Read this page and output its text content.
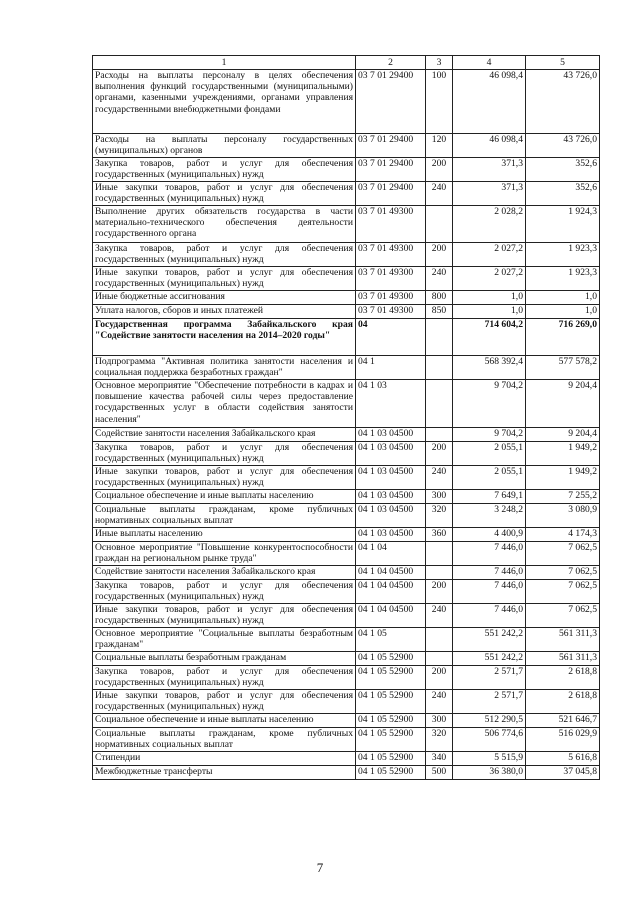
1	2	3	4	5
Расходы на выплаты персоналу в целях обеспечения выполнения функций государственными (муниципальными) органами, казенными учреждениями, органами управления государственными внебюджетными фондами	03 7 01 29400	100	46 098,4	43 726,0
Расходы на выплаты персоналу государственных (муниципальных) органов	03 7 01 29400	120	46 098,4	43 726,0
Закупка товаров, работ и услуг для обеспечения государственных (муниципальных) нужд	03 7 01 29400	200	371,3	352,6
Иные закупки товаров, работ и услуг для обеспечения государственных (муниципальных) нужд	03 7 01 29400	240	371,3	352,6
Выполнение других обязательств государства в части материально-технического обеспечения деятельности государственного органа	03 7 01 49300		2 028,2	1 924,3
Закупка товаров, работ и услуг для обеспечения государственных (муниципальных) нужд	03 7 01 49300	200	2 027,2	1 923,3
Иные закупки товаров, работ и услуг для обеспечения государственных (муниципальных) нужд	03 7 01 49300	240	2 027,2	1 923,3
Иные бюджетные ассигнования	03 7 01 49300	800	1,0	1,0
Уплата налогов, сборов и иных платежей	03 7 01 49300	850	1,0	1,0
Государственная программа Забайкальского края "Содействие занятости населения на 2014–2020 годы"	04		714 604,2	716 269,0
Подпрограмма "Активная политика занятости населения и социальная поддержка безработных граждан"	04 1		568 392,4	577 578,2
Основное мероприятие "Обеспечение потребности в кадрах и повышение качества рабочей силы через предоставление государственных услуг в области содействия занятости населения"	04 1 03		9 704,2	9 204,4
Содействие занятости населения Забайкальского края	04 1 03 04500		9 704,2	9 204,4
Закупка товаров, работ и услуг для обеспечения государственных (муниципальных) нужд	04 1 03 04500	200	2 055,1	1 949,2
Иные закупки товаров, работ и услуг для обеспечения государственных (муниципальных) нужд	04 1 03 04500	240	2 055,1	1 949,2
Социальное обеспечение и иные выплаты населению	04 1 03 04500	300	7 649,1	7 255,2
Социальные выплаты гражданам, кроме публичных нормативных социальных выплат	04 1 03 04500	320	3 248,2	3 080,9
Иные выплаты населению	04 1 03 04500	360	4 400,9	4 174,3
Основное мероприятие "Повышение конкурентоспособности граждан на региональном рынке труда"	04 1 04		7 446,0	7 062,5
Содействие занятости населения Забайкальского края	04 1 04 04500		7 446,0	7 062,5
Закупка товаров, работ и услуг для обеспечения государственных (муниципальных) нужд	04 1 04 04500	200	7 446,0	7 062,5
Иные закупки товаров, работ и услуг для обеспечения государственных (муниципальных) нужд	04 1 04 04500	240	7 446,0	7 062,5
Основное мероприятие "Социальные выплаты безработным гражданам"	04 1 05		551 242,2	561 311,3
Социальные выплаты безработным гражданам	04 1 05 52900		551 242,2	561 311,3
Закупка товаров, работ и услуг для обеспечения государственных (муниципальных) нужд	04 1 05 52900	200	2 571,7	2 618,8
Иные закупки товаров, работ и услуг для обеспечения государственных (муниципальных) нужд	04 1 05 52900	240	2 571,7	2 618,8
Социальное обеспечение и иные выплаты населению	04 1 05 52900	300	512 290,5	521 646,7
Социальные выплаты гражданам, кроме публичных нормативных социальных выплат	04 1 05 52900	320	506 774,6	516 029,9
Стипендии	04 1 05 52900	340	5 515,9	5 616,8
Межбюджетные трансферты	04 1 05 52900	500	36 380,0	37 045,8
7
